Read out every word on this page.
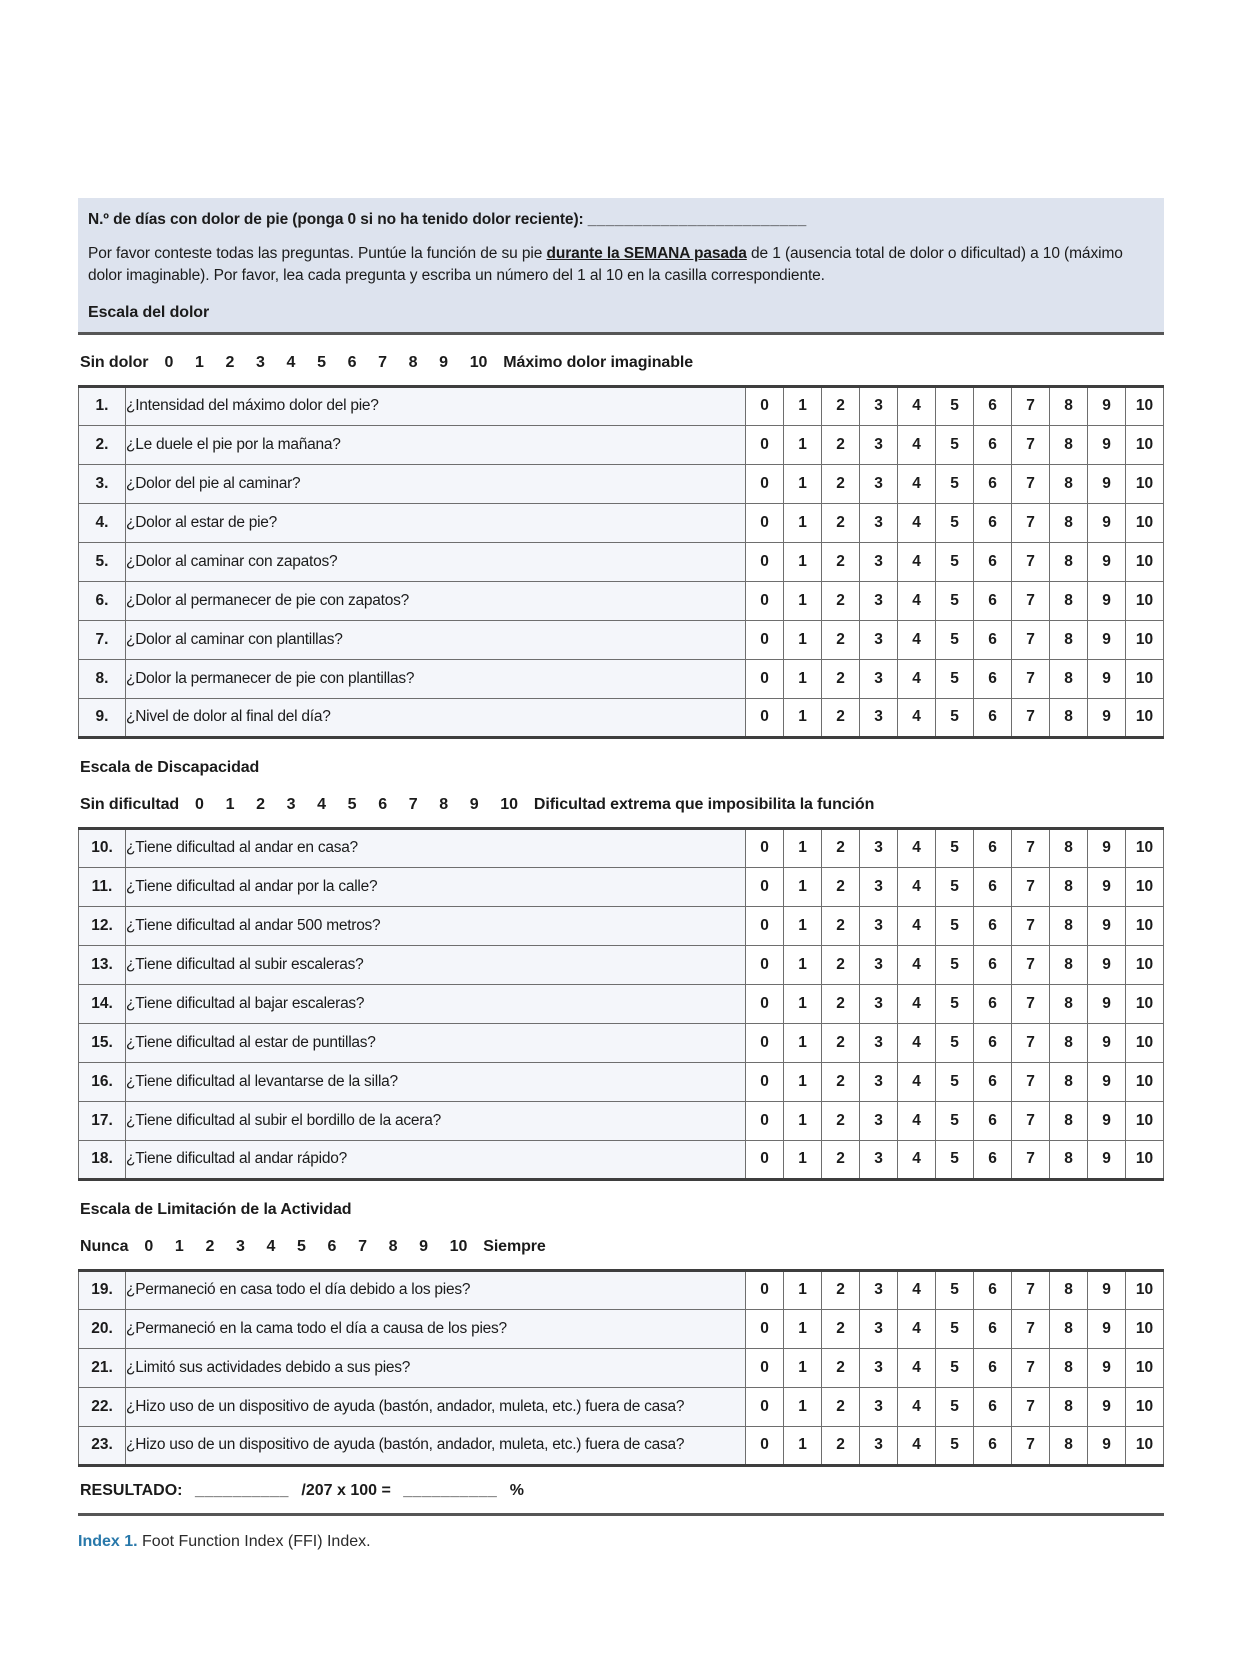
N.º de días con dolor de pie (ponga 0 si no ha tenido dolor reciente): ________________________

Por favor conteste todas las preguntas. Puntúe la función de su pie durante la SEMANA pasada de 1 (ausencia total de dolor o dificultad) a 10 (máximo dolor imaginable). Por favor, lea cada pregunta y escriba un número del 1 al 10 en la casilla correspondiente.

Escala del dolor

Sin dolor 0     1     2     3     4     5     6     7     8     9     10 Máximo dolor imaginable
1.	¿Intensidad del máximo dolor del pie?	0	1	2	3	4	5	6	7	8	9	10
2.	¿Le duele el pie por la mañana?	0	1	2	3	4	5	6	7	8	9	10
3.	¿Dolor del pie al caminar?	0	1	2	3	4	5	6	7	8	9	10
4.	¿Dolor al estar de pie?	0	1	2	3	4	5	6	7	8	9	10
5.	¿Dolor al caminar con zapatos?	0	1	2	3	4	5	6	7	8	9	10
6.	¿Dolor al permanecer de pie con zapatos?	0	1	2	3	4	5	6	7	8	9	10
7.	¿Dolor al caminar con plantillas?	0	1	2	3	4	5	6	7	8	9	10
8.	¿Dolor la permanecer de pie con plantillas?	0	1	2	3	4	5	6	7	8	9	10
9.	¿Nivel de dolor al final del día?	0	1	2	3	4	5	6	7	8	9	10

Escala de Discapacidad

Sin dificultad 0     1     2     3     4     5     6     7     8     9     10 Dificultad extrema que imposibilita la función
10.	¿Tiene dificultad al andar en casa?	0	1	2	3	4	5	6	7	8	9	10
11.	¿Tiene dificultad al andar por la calle?	0	1	2	3	4	5	6	7	8	9	10
12.	¿Tiene dificultad al andar 500 metros?	0	1	2	3	4	5	6	7	8	9	10
13.	¿Tiene dificultad al subir escaleras?	0	1	2	3	4	5	6	7	8	9	10
14.	¿Tiene dificultad al bajar escaleras?	0	1	2	3	4	5	6	7	8	9	10
15.	¿Tiene dificultad al estar de puntillas?	0	1	2	3	4	5	6	7	8	9	10
16.	¿Tiene dificultad al levantarse de la silla?	0	1	2	3	4	5	6	7	8	9	10
17.	¿Tiene dificultad al subir el bordillo de la acera?	0	1	2	3	4	5	6	7	8	9	10
18.	¿Tiene dificultad al andar rápido?	0	1	2	3	4	5	6	7	8	9	10

Escala de Limitación de la Actividad

Nunca 0     1     2     3     4     5     6     7     8     9     10 Siempre
19.	¿Permaneció en casa todo el día debido a los pies?	0	1	2	3	4	5	6	7	8	9	10
20.	¿Permaneció en la cama todo el día a causa de los pies?	0	1	2	3	4	5	6	7	8	9	10
21.	¿Limitó sus actividades debido a sus pies?	0	1	2	3	4	5	6	7	8	9	10
22.	¿Hizo uso de un dispositivo de ayuda (bastón, andador, muleta, etc.) fuera de casa?	0	1	2	3	4	5	6	7	8	9	10
23.	¿Hizo uso de un dispositivo de ayuda (bastón, andador, muleta, etc.) fuera de casa?	0	1	2	3	4	5	6	7	8	9	10

RESULTADO: __________ /207 x 100 = __________ %

Index 1. Foot Function Index (FFI) Index.
